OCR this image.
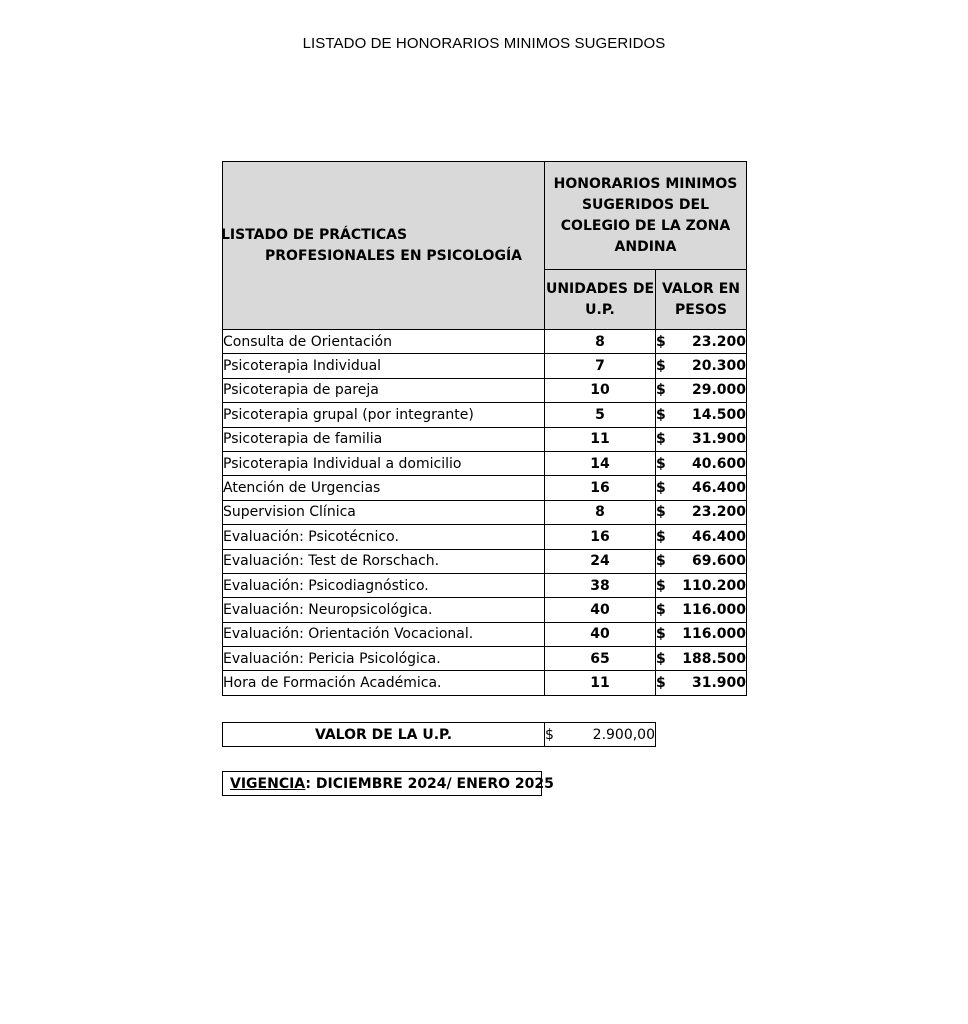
LISTADO DE HONORARIOS MINIMOS SUGERIDOS
LISTADO DE PRÁCTICAS
PROFESIONALES EN PSICOLOGÍA	HONORARIOS MINIMOS SUGERIDOS DEL COLEGIO DE LA ZONA ANDINA	
	UNIDADES DE U.P.	VALOR EN PESOS
Consulta de Orientación	8	$ 23.200

Psicoterapia Individual	7	$ 20.300

Psicoterapia de pareja	10	$ 29.000

Psicoterapia grupal (por integrante)	5	$ 14.500

Psicoterapia de familia	11	$ 31.900

Psicoterapia Individual a domicilio	14	$ 40.600

Atención de Urgencias	16	$ 46.400

Supervision Clínica	8	$ 23.200

Evaluación: Psicotécnico.	16	$ 46.400

Evaluación: Test de Rorschach.	24	$ 69.600

Evaluación: Psicodiagnóstico.	38	$ 110.200

Evaluación: Neuropsicológica.	40	$ 116.000

Evaluación: Orientación Vocacional.	40	$ 116.000

Evaluación: Pericia Psicológica.	65	$ 188.500

Hora de Formación Académica.	11	$ 31.900
VALOR DE LA U.P.	$	2.900,00
VIGENCIA: DICIEMBRE 2024/ ENERO 2025
